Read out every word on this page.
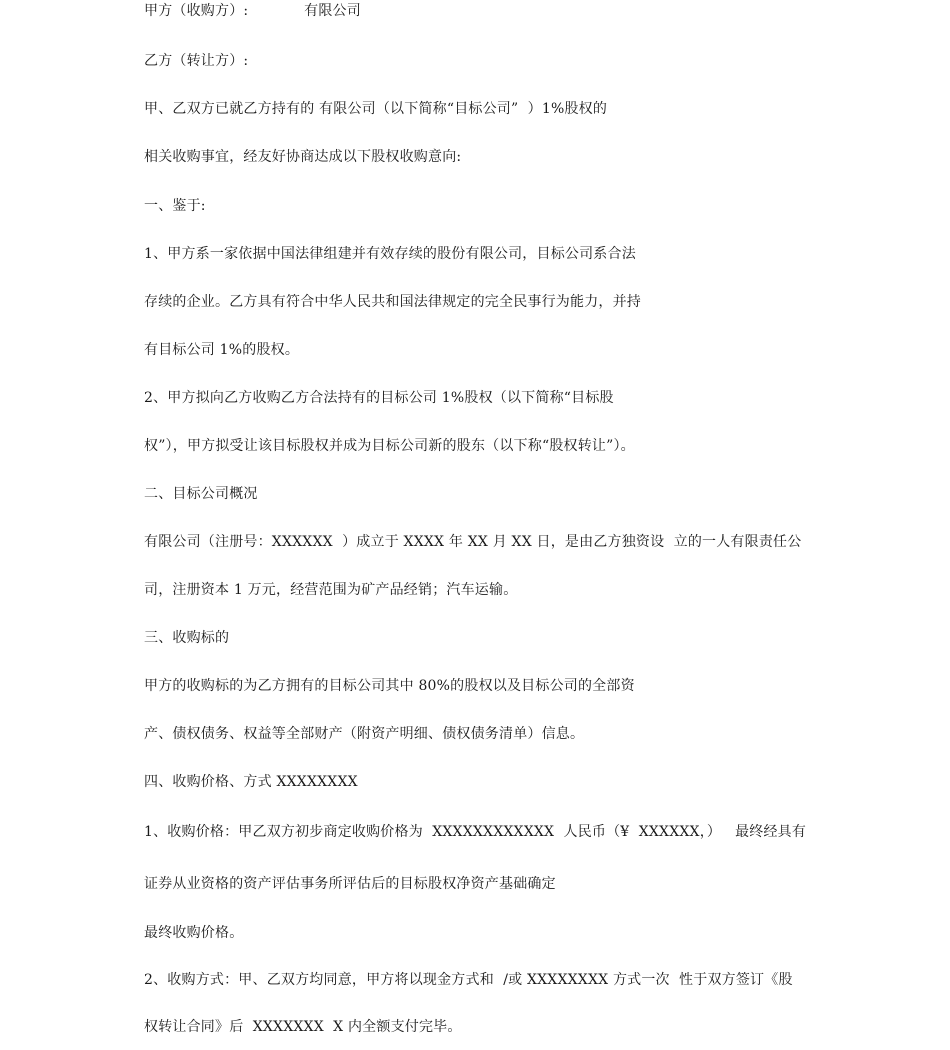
甲方（收购方）:            有限公司
乙方（转让方）:
甲、乙双方已就乙方持有的 有限公司（以下简称“目标公司”  ）1%股权的
相关收购事宜，经友好协商达成以下股权收购意向:
一、鉴于:
1、甲方系一家依据中国法律组建并有效存续的股份有限公司，目标公司系合法
存续的企业。乙方具有符合中华人民共和国法律规定的完全民事行为能力，并持
有目标公司 1%的股权。
2、甲方拟向乙方收购乙方合法持有的目标公司 1%股权（以下简称“目标股
权”），甲方拟受让该目标股权并成为目标公司新的股东（以下称“股权转让”）。
二、目标公司概况
有限公司（注册号：XXXXXX  ）成立于 XXXX 年 XX 月 XX 日，是由乙方独资设  立的一人有限责任公
司，注册资本 1 万元，经营范围为矿产品经销；汽车运输。
三、收购标的
甲方的收购标的为乙方拥有的目标公司其中 80%的股权以及目标公司的全部资
产、债权债务、权益等全部财产（附资产明细、债权债务清单）信息。
四、收购价格、方式 XXXXXXXX
1、收购价格：甲乙双方初步商定收购价格为  XXXXXXXXXXXX  人民币（¥  XXXXXX，）   最终经具有
证券从业资格的资产评估事务所评估后的目标股权净资产基础确定
最终收购价格。
2、收购方式：甲、乙双方均同意，甲方将以现金方式和  /或 XXXXXXXX 方式一次  性于双方签订《股
权转让合同》后  XXXXXXX  X 内全额支付完毕。
